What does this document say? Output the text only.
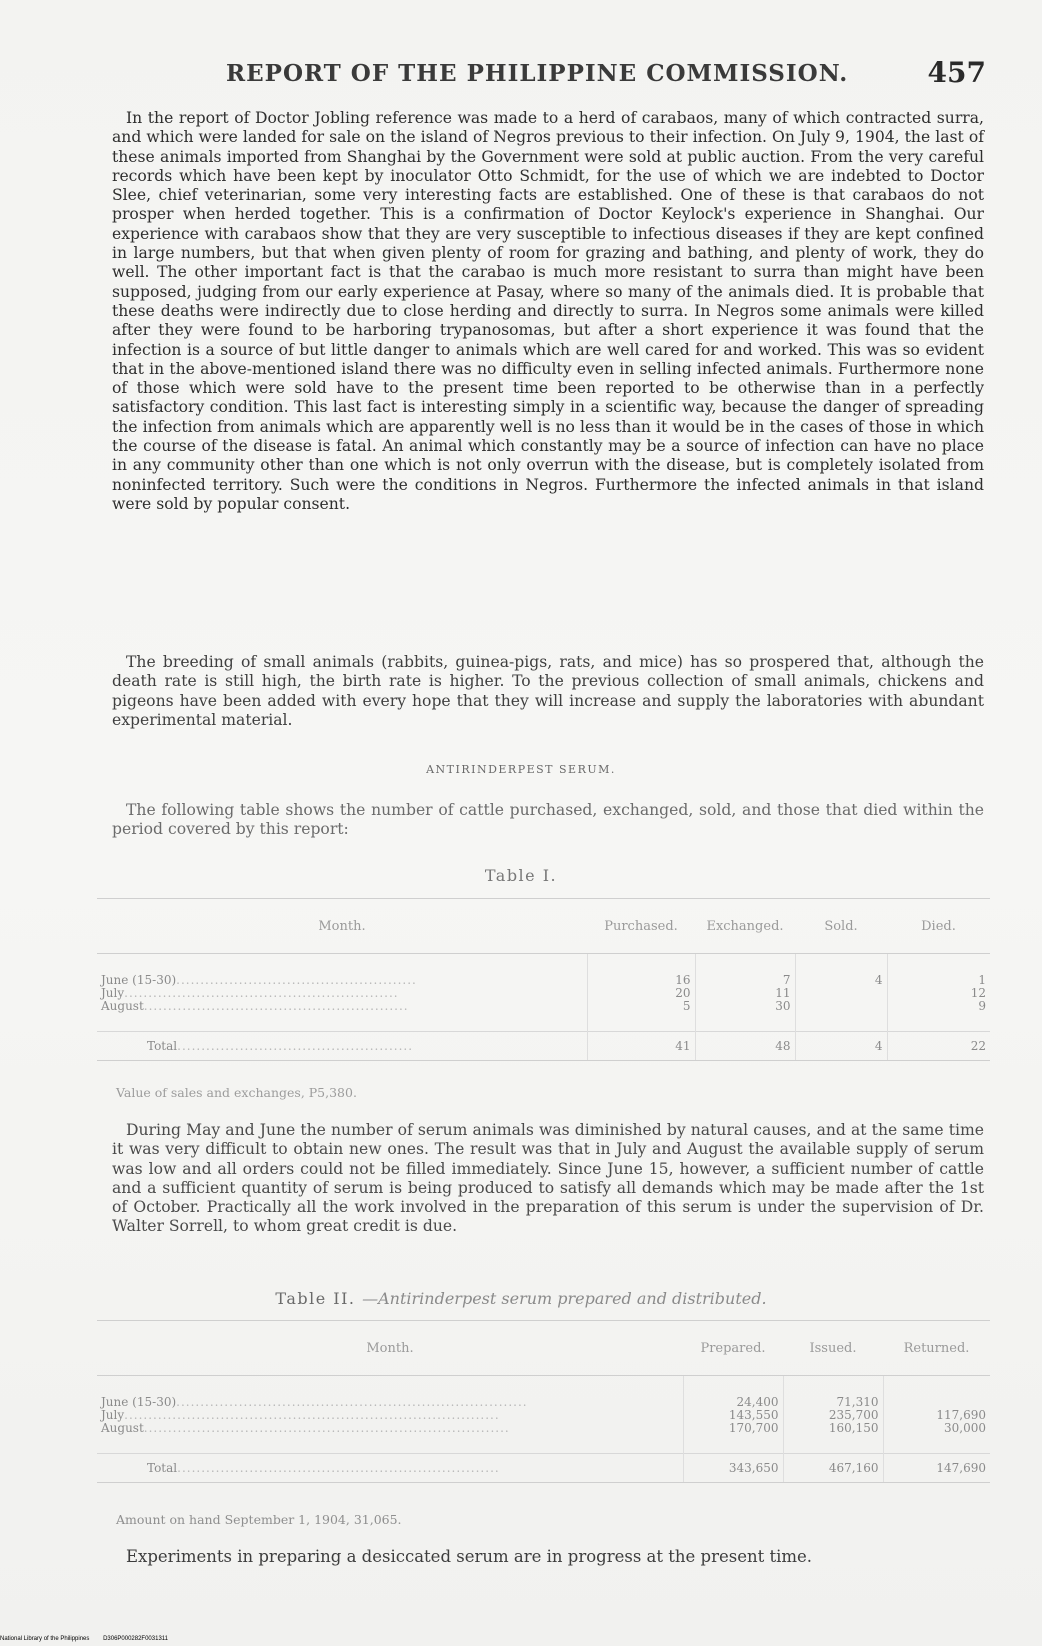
REPORT OF THE PHILIPPINE COMMISSION.	457

In the report of Doctor Jobling reference was made to a herd of carabaos, many of which contracted surra, and which were landed for sale on the island of Negros previous to their infection. On July 9, 1904, the last of these animals imported from Shanghai by the Government were sold at public auction. From the very careful records which have been kept by inoculator Otto Schmidt, for the use of which we are indebted to Doctor Slee, chief veterinarian, some very interesting facts are established. One of these is that carabaos do not prosper when herded together. This is a confirmation of Doctor Keylock's experience in Shanghai. Our experience with carabaos show that they are very susceptible to infectious diseases if they are kept confined in large numbers, but that when given plenty of room for grazing and bathing, and plenty of work, they do well. The other important fact is that the carabao is much more resistant to surra than might have been supposed, judging from our early experience at Pasay, where so many of the animals died. It is probable that these deaths were indirectly due to close herding and directly to surra. In Negros some animals were killed after they were found to be harboring trypanosomas, but after a short experience it was found that the infection is a source of but little danger to animals which are well cared for and worked. This was so evident that in the above-mentioned island there was no difficulty even in selling infected animals. Furthermore none of those which were sold have to the present time been reported to be otherwise than in a perfectly satisfactory condition. This last fact is interesting simply in a scientific way, because the danger of spreading the infection from animals which are apparently well is no less than it would be in the cases of those in which the course of the disease is fatal. An animal which constantly may be a source of infection can have no place in any community other than one which is not only overrun with the disease, but is completely isolated from noninfected territory. Such were the conditions in Negros. Furthermore the infected animals in that island were sold by popular consent.

The breeding of small animals (rabbits, guinea-pigs, rats, and mice) has so prospered that, although the death rate is still high, the birth rate is higher. To the previous collection of small animals, chickens and pigeons have been added with every hope that they will increase and supply the laboratories with abundant experimental material.

ANTIRINDERPEST SERUM.

The following table shows the number of cattle purchased, exchanged, sold, and those that died within the period covered by this report:

Table I.
Month.	Purchased.	Exchanged.	Sold.	Died.
June (15-30)..................................................	16	7	4	1
July.........................................................	20	11		12
August.......................................................	5	30		9
Total.................................................	41	48	4	22
Value of sales and exchanges, P5,380.

During May and June the number of serum animals was diminished by natural causes, and at the same time it was very difficult to obtain new ones. The result was that in July and August the available supply of serum was low and all orders could not be filled immediately. Since June 15, however, a sufficient number of cattle and a sufficient quantity of serum is being produced to satisfy all demands which may be made after the 1st of October. Practically all the work involved in the preparation of this serum is under the supervision of Dr. Walter Sorrell, to whom great credit is due.

Table II. —Antirinderpest serum prepared and distributed.
Month.	Prepared.	Issued.	Returned.
June (15-30).........................................................................	24,400	71,310	
July..............................................................................	143,550	235,700	117,690
August............................................................................	170,700	160,150	30,000
Total...................................................................	343,650	467,160	147,690
Amount on hand September 1, 1904, 31,065.

Experiments in preparing a desiccated serum are in progress at the present time.

National Library of the Philippines D306P000282F0031311
